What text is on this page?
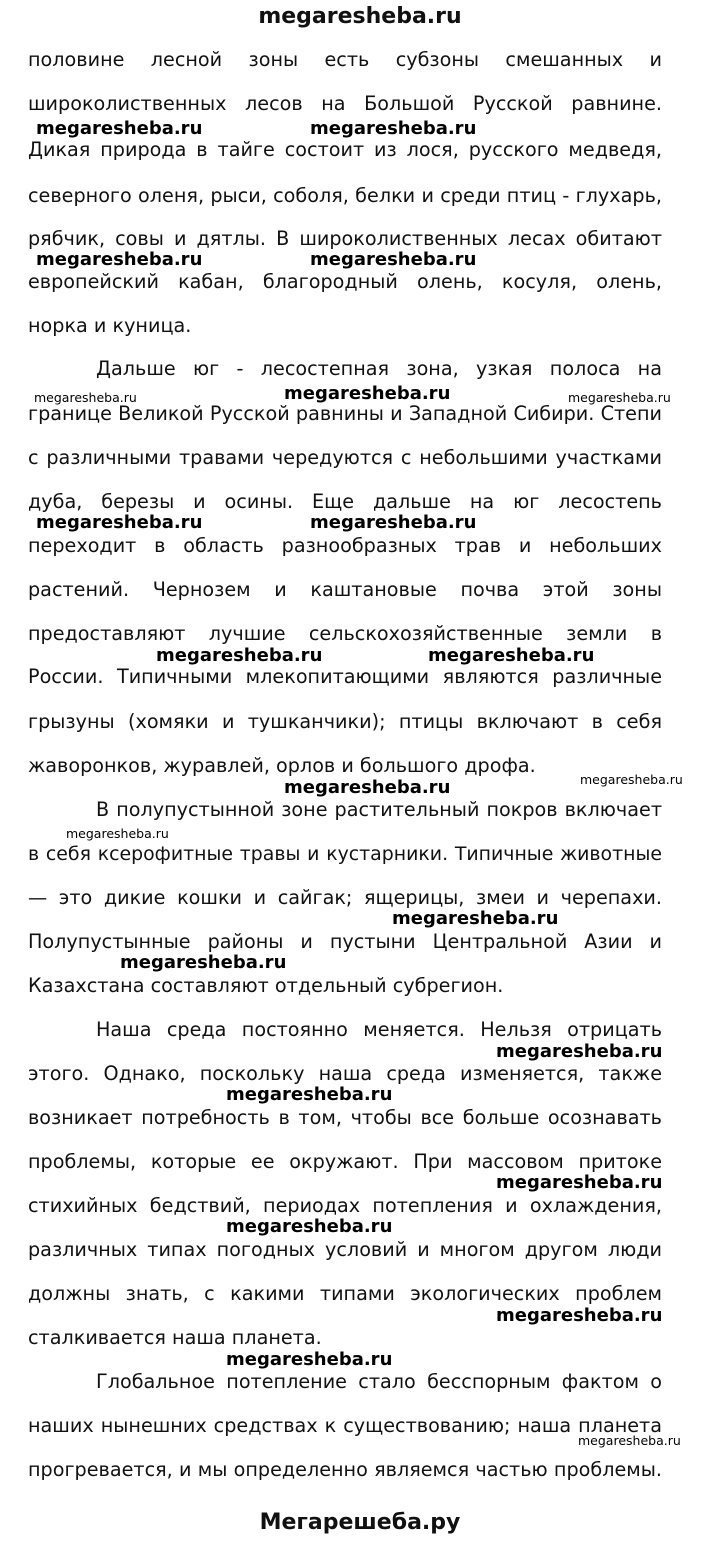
megaresheba.ru
половине лесной зоны есть субзоны смешанных и
широколиственных лесов на Большой Русской равнине.
Дикая природа в тайге состоит из лося, русского медведя,
северного оленя, рыси, соболя, белки и среди птиц - глухарь,
рябчик, совы и дятлы. В широколиственных лесах обитают
европейский кабан, благородный олень, косуля, олень,
норка и куница.
Дальше юг - лесостепная зона, узкая полоса на
границе Великой Русской равнины и Западной Сибири. Степи
с различными травами чередуются с небольшими участками
дуба, березы и осины. Еще дальше на юг лесостепь
переходит в область разнообразных трав и небольших
растений. Чернозем и каштановые почва этой зоны
предоставляют лучшие сельскохозяйственные земли в
России. Типичными млекопитающими являются различные
грызуны (хомяки и тушканчики); птицы включают в себя
жаворонков, журавлей, орлов и большого дрофа.
В полупустынной зоне растительный покров включает
в себя ксерофитные травы и кустарники. Типичные животные
— это дикие кошки и сайгак; ящерицы, змеи и черепахи.
Полупустынные районы и пустыни Центральной Азии и
Казахстана составляют отдельный субрегион.
Наша среда постоянно меняется. Нельзя отрицать
этого. Однако, поскольку наша среда изменяется, также
возникает потребность в том, чтобы все больше осознавать
проблемы, которые ее окружают. При массовом притоке
стихийных бедствий, периодах потепления и охлаждения,
различных типах погодных условий и многом другом люди
должны знать, с какими типами экологических проблем
сталкивается наша планета.
Глобальное потепление стало бесспорным фактом о
наших нынешних средствах к существованию; наша планета
прогревается, и мы определенно являемся частью проблемы.
megaresheba.ru	megaresheba.ru
megaresheba.ru	megaresheba.ru
megaresheba.ru	megaresheba.ru	megaresheba.ru
megaresheba.ru	megaresheba.ru
megaresheba.ru	megaresheba.ru
megaresheba.ru	megaresheba.ru
megaresheba.ru
megaresheba.ru
megaresheba.ru
megaresheba.ru
megaresheba.ru
megaresheba.ru
megaresheba.ru
megaresheba.ru
megaresheba.ru
megaresheba.ru
Мегарешеба.ру
